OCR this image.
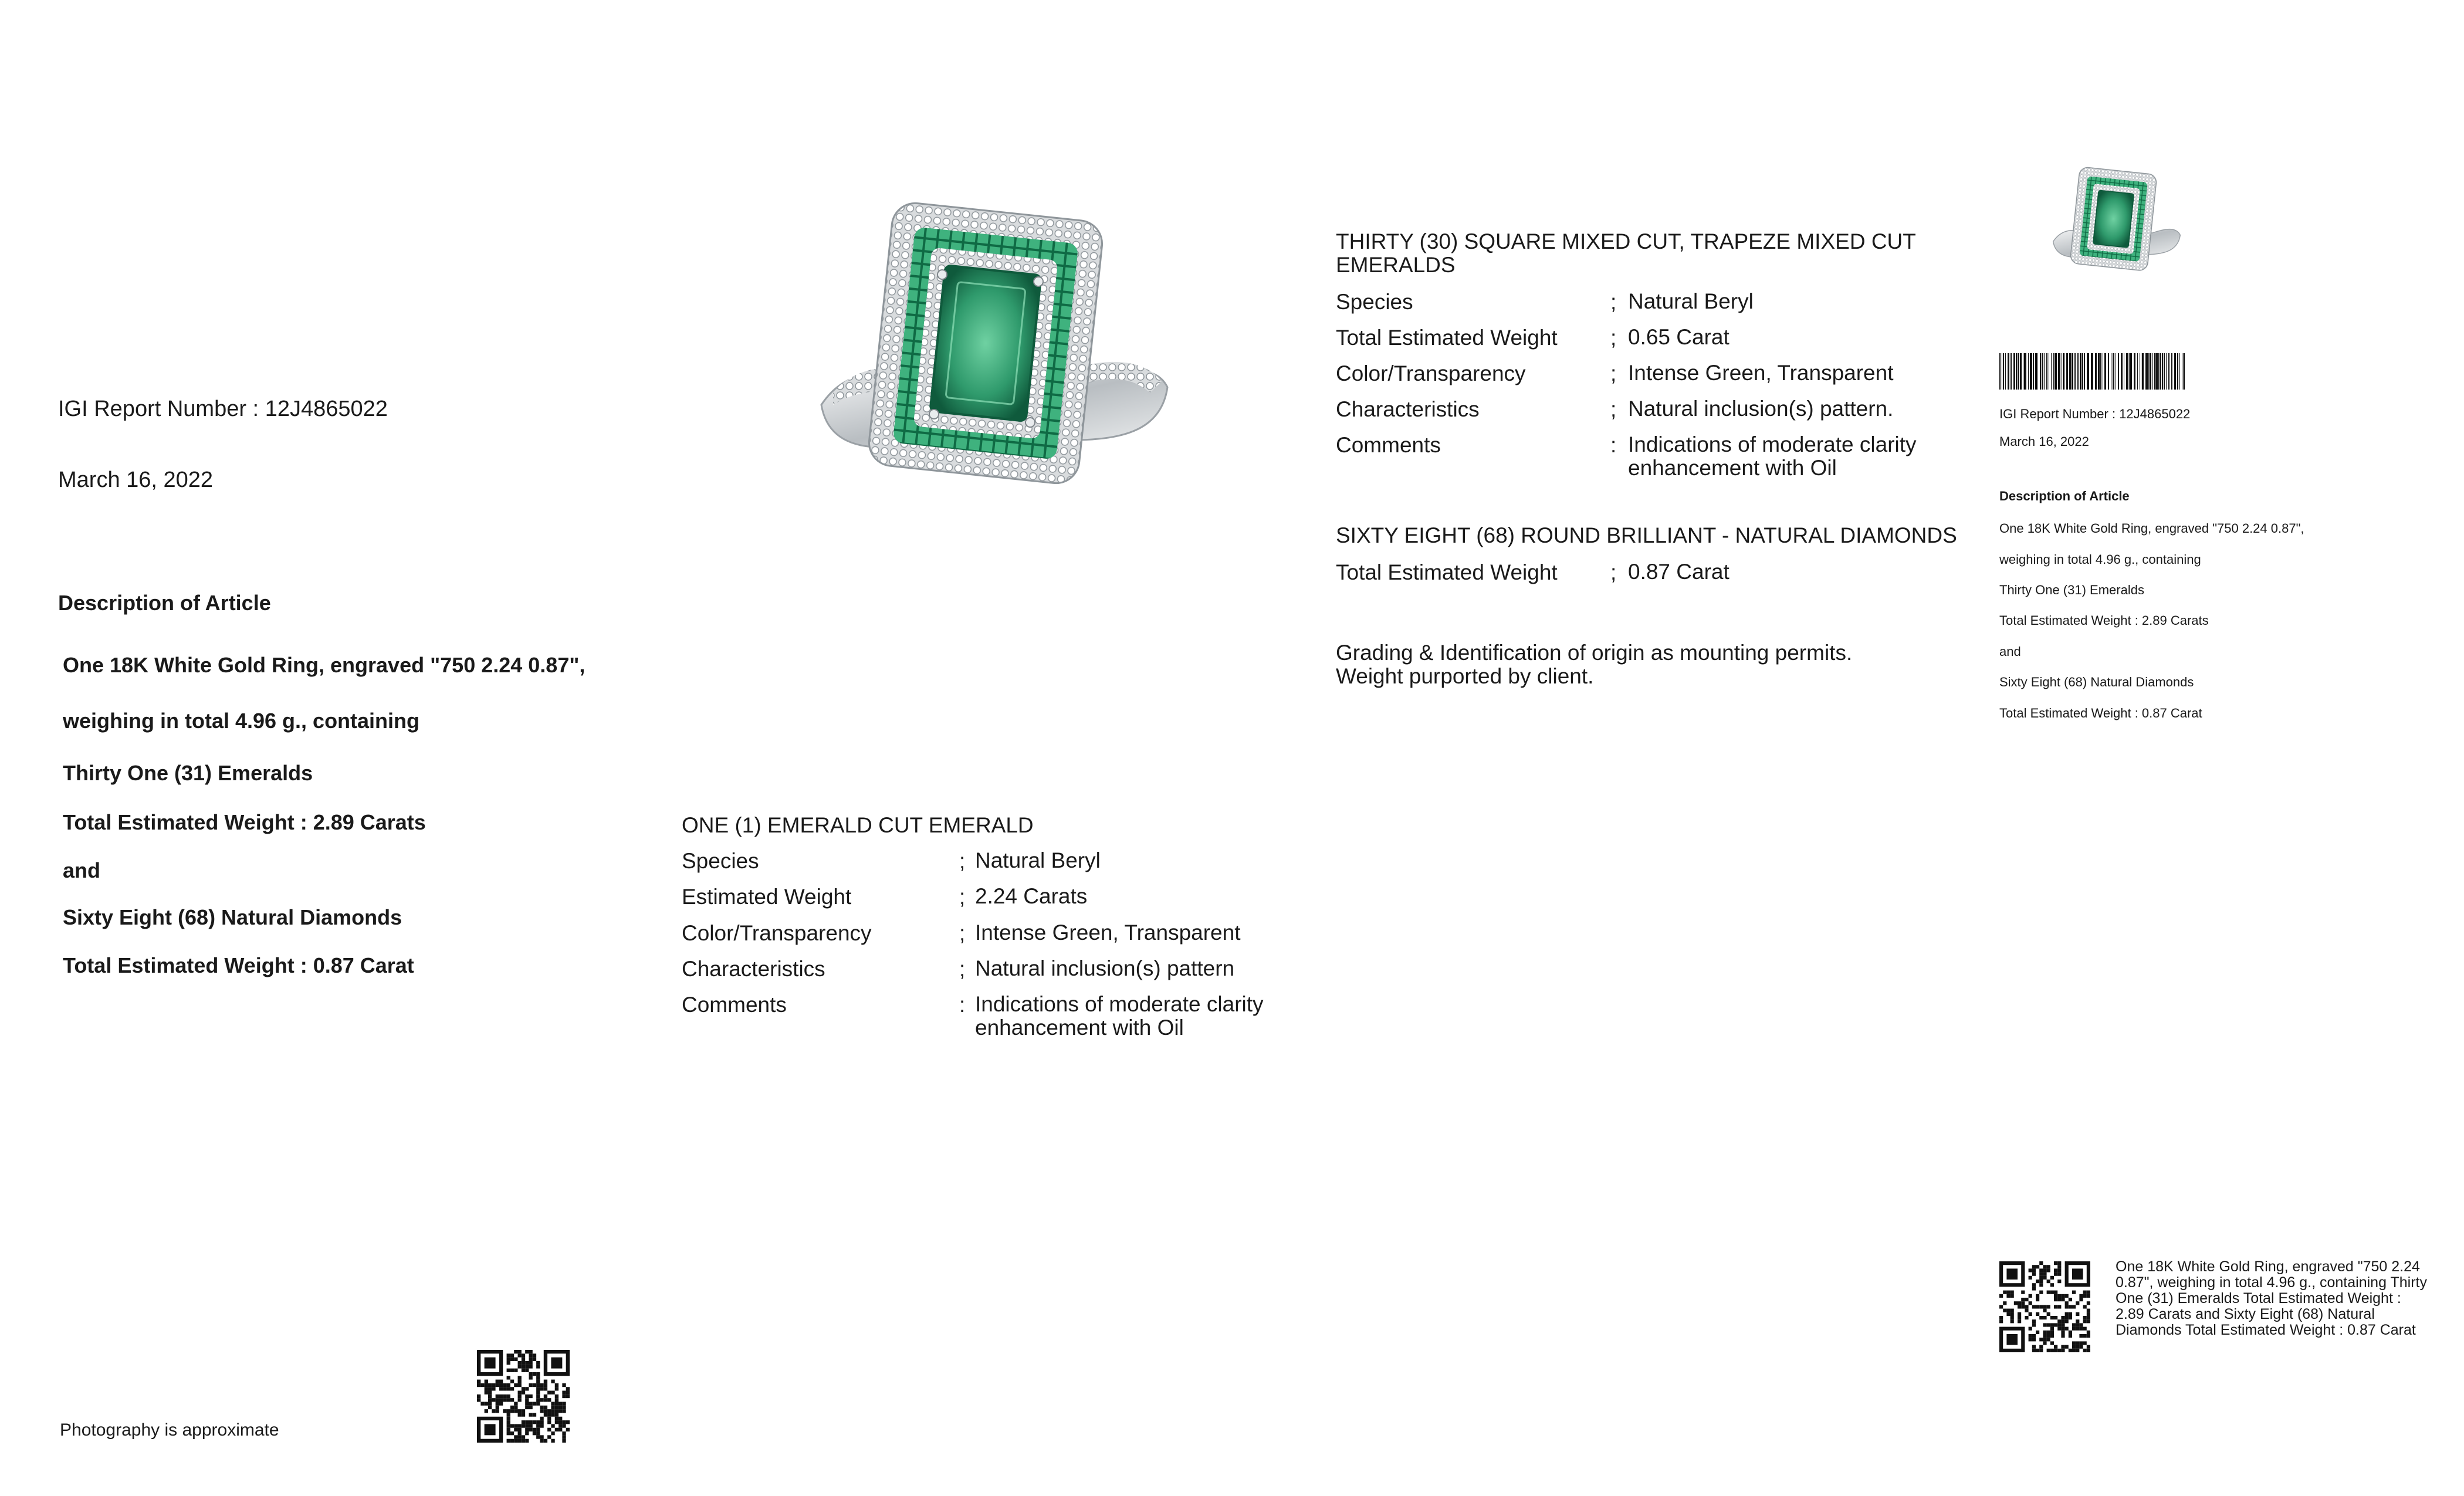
IGI Report Number : 12J4865022
March 16, 2022
Description of Article
One 18K White Gold Ring, engraved "750 2.24 0.87",
weighing in total 4.96 g., containing
Thirty One (31) Emeralds
Total Estimated Weight : 2.89 Carats
and
Sixty Eight (68) Natural Diamonds
Total Estimated Weight : 0.87 Carat
Photography is approximate
ONE (1) EMERALD CUT EMERALD
Species	; Natural Beryl
Estimated Weight	; 2.24 Carats
Color/Transparency	; Intense Green, Transparent
Characteristics	; Natural inclusion(s) pattern
Comments	: Indications of moderate clarity enhancement with Oil
THIRTY (30) SQUARE MIXED CUT, TRAPEZE MIXED CUT EMERALDS
Species	; Natural Beryl
Total Estimated Weight ; 0.65 Carat
Color/Transparency	; Intense Green, Transparent
Characteristics	; Natural inclusion(s) pattern.
Comments	: Indications of moderate clarity enhancement with Oil
SIXTY EIGHT (68) ROUND BRILLIANT - NATURAL DIAMONDS
Total Estimated Weight ; 0.87 Carat
Grading & Identification of origin as mounting permits. Weight purported by client.
IGI Report Number : 12J4865022
March 16, 2022
Description of Article
One 18K White Gold Ring, engraved "750 2.24 0.87",
weighing in total 4.96 g., containing
Thirty One (31) Emeralds
Total Estimated Weight : 2.89 Carats
and
Sixty Eight (68) Natural Diamonds
Total Estimated Weight : 0.87 Carat
One 18K White Gold Ring, engraved "750 2.24 0.87", weighing in total 4.96 g., containing Thirty One (31) Emeralds Total Estimated Weight : 2.89 Carats and Sixty Eight (68) Natural Diamonds Total Estimated Weight : 0.87 Carat
